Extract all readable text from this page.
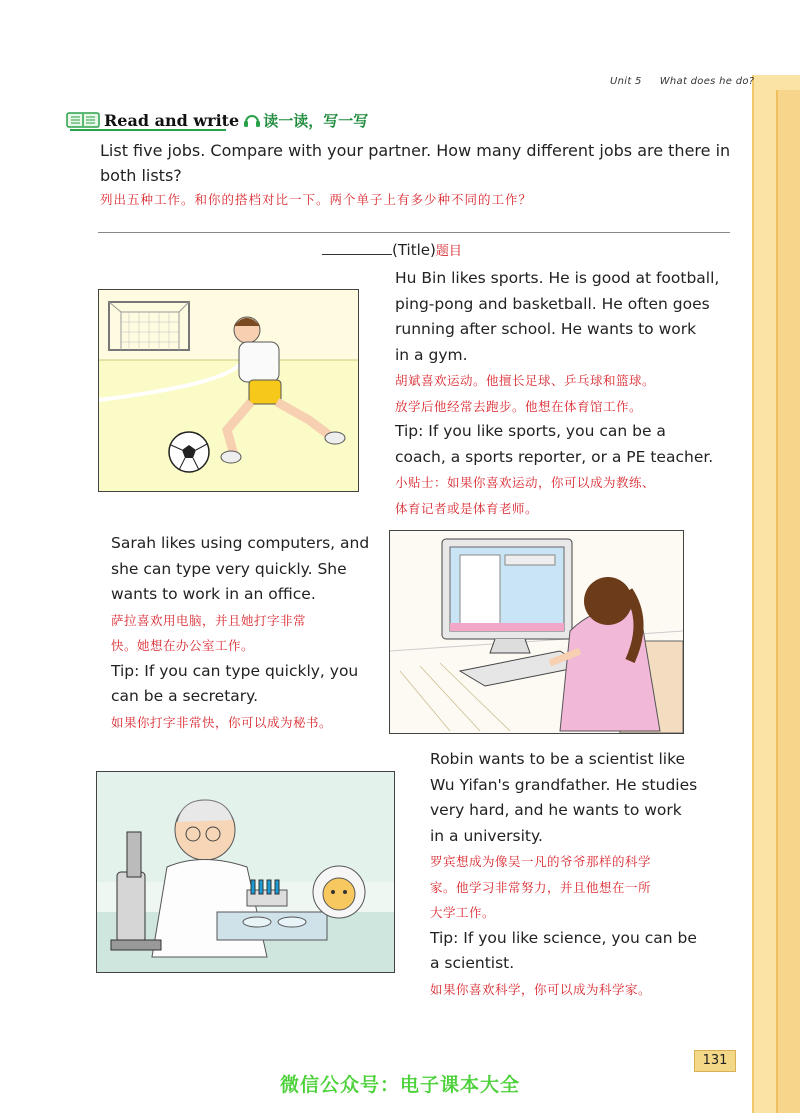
Unit 5 What does he do?
Read and write 读一读，写一写
List five jobs. Compare with your partner. How many different jobs are there in both lists?
列出五种工作。和你的搭档对比一下。两个单子上有多少种不同的工作？
(Title)题目
Hu Bin likes sports. He is good at football,
ping-pong and basketball. He often goes
running after school. He wants to work
in a gym.
胡斌喜欢运动。他擅长足球、乒乓球和篮球。
放学后他经常去跑步。他想在体育馆工作。
Tip: If you like sports, you can be a
coach, a sports reporter, or a PE teacher.
小贴士：如果你喜欢运动，你可以成为教练、
体育记者或是体育老师。
Sarah likes using computers, and
she can type very quickly. She
wants to work in an office.
萨拉喜欢用电脑，并且她打字非常
快。她想在办公室工作。
Tip: If you can type quickly, you
can be a secretary.
如果你打字非常快，你可以成为秘书。
Robin wants to be a scientist like
Wu Yifan's grandfather. He studies
very hard, and he wants to work
in a university.
罗宾想成为像吴一凡的爷爷那样的科学
家。他学习非常努力，并且他想在一所
大学工作。
Tip: If you like science, you can be
a scientist.
如果你喜欢科学，你可以成为科学家。
131
微信公众号：电子课本大全
